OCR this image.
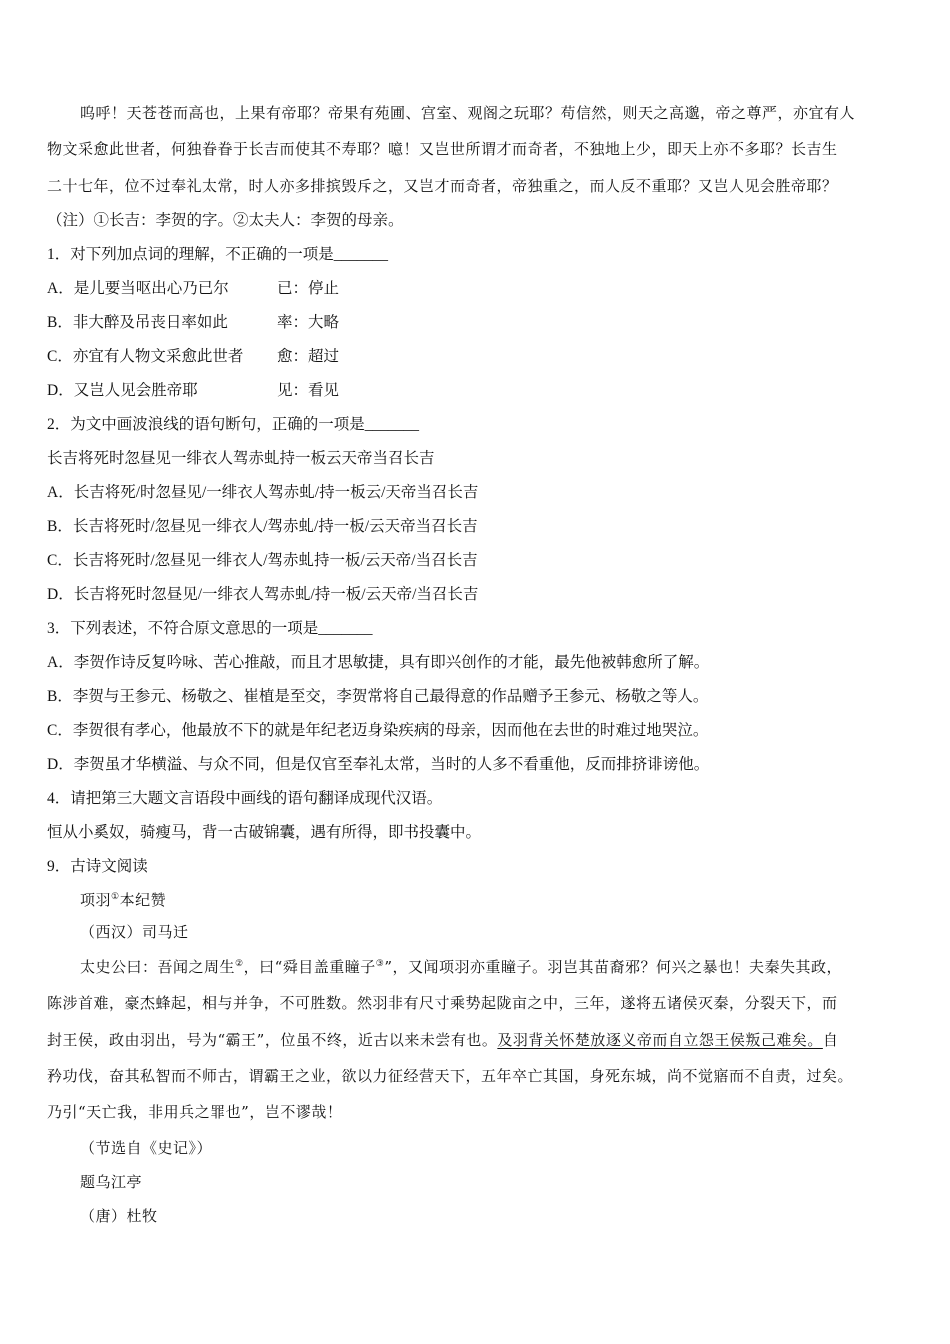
呜呼！天苍苍而高也，上果有帝耶？帝果有苑圃、宫室、观阁之玩耶？苟信然，则天之高邈，帝之尊严，亦宜有人
物文采愈此世者，何独眷眷于长吉而使其不寿耶？噫！又岂世所谓才而奇者，不独地上少，即天上亦不多耶？长吉生
二十七年，位不过奉礼太常，时人亦多排摈毁斥之，又岂才而奇者，帝独重之，而人反不重耶？又岂人见会胜帝耶？
（注）①长吉：李贺的字。②太夫人：李贺的母亲。
1．对下列加点词的理解，不正确的一项是_______
A．是儿要当呕出心乃已尔	已：停止
B．非大醉及吊丧日率如此	率：大略
C．亦宜有人物文采愈此世者 愈：超过
D．又岂人见会胜帝耶	见：看见
2．为文中画波浪线的语句断句，正确的一项是_______
长吉将死时忽昼见一绯衣人驾赤虬持一板云天帝当召长吉
A．长吉将死/时忽昼见/一绯衣人驾赤虬/持一板云/天帝当召长吉
B．长吉将死时/忽昼见一绯衣人/驾赤虬/持一板/云天帝当召长吉
C．长吉将死时/忽昼见一绯衣人/驾赤虬持一板/云天帝/当召长吉
D．长吉将死时忽昼见/一绯衣人驾赤虬/持一板/云天帝/当召长吉
3．下列表述，不符合原文意思的一项是_______
A．李贺作诗反复吟咏、苦心推敲，而且才思敏捷，具有即兴创作的才能，最先他被韩愈所了解。
B．李贺与王参元、杨敬之、崔植是至交，李贺常将自己最得意的作品赠予王参元、杨敬之等人。
C．李贺很有孝心，他最放不下的就是年纪老迈身染疾病的母亲，因而他在去世的时难过地哭泣。
D．李贺虽才华横溢、与众不同，但是仅官至奉礼太常，当时的人多不看重他，反而排挤诽谤他。
4．请把第三大题文言语段中画线的语句翻译成现代汉语。
恒从小奚奴，骑瘦马，背一古破锦囊，遇有所得，即书投囊中。
9．古诗文阅读
项羽①本纪赞
（西汉）司马迁
太史公曰：吾闻之周生②，曰“舜目盖重瞳子③”，又闻项羽亦重瞳子。羽岂其苗裔邪？何兴之暴也！夫秦失其政，
陈涉首难，豪杰蜂起，相与并争，不可胜数。然羽非有尺寸乘势起陇亩之中，三年，遂将五诸侯灭秦，分裂天下，而
封王侯，政由羽出，号为“霸王”，位虽不终，近古以来未尝有也。及羽背关怀楚放逐义帝而自立怨王侯叛己难矣。自
矜功伐，奋其私智而不师古，谓霸王之业，欲以力征经营天下，五年卒亡其国，身死东城，尚不觉寤而不自责，过矣。
乃引“天亡我，非用兵之罪也”，岂不谬哉！
（节选自《史记》）
题乌江亭
（唐）杜牧
